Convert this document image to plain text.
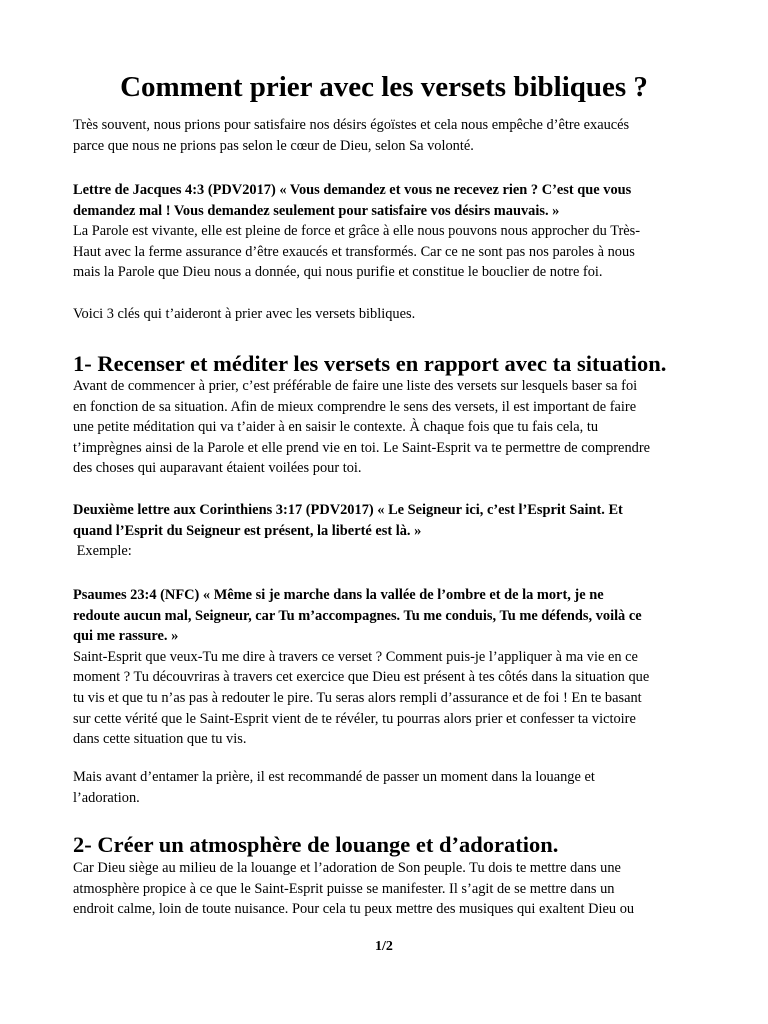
Comment prier avec les versets bibliques ?

Très souvent, nous prions pour satisfaire nos désirs égoïstes et cela nous empêche d’être exaucés
parce que nous ne prions pas selon le cœur de Dieu, selon Sa volonté.

Lettre de Jacques 4:3 (PDV2017) « Vous demandez et vous ne recevez rien ? C’est que vous
demandez mal ! Vous demandez seulement pour satisfaire vos désirs mauvais. »
La Parole est vivante, elle est pleine de force et grâce à elle nous pouvons nous approcher du Très-
Haut avec la ferme assurance d’être exaucés et transformés. Car ce ne sont pas nos paroles à nous
mais la Parole que Dieu nous a donnée, qui nous purifie et constitue le bouclier de notre foi.

Voici 3 clés qui t’aideront à prier avec les versets bibliques.

1- Recenser et méditer les versets en rapport avec ta situation.

Avant de commencer à prier, c’est préférable de faire une liste des versets sur lesquels baser sa foi
en fonction de sa situation. Afin de mieux comprendre le sens des versets, il est important de faire
une petite méditation qui va t’aider à en saisir le contexte. À chaque fois que tu fais cela, tu
t’imprègnes ainsi de la Parole et elle prend vie en toi. Le Saint-Esprit va te permettre de comprendre
des choses qui auparavant étaient voilées pour toi.

Deuxième lettre aux Corinthiens 3:17 (PDV2017) « Le Seigneur ici, c’est l’Esprit Saint. Et
quand l’Esprit du Seigneur est présent, la liberté est là. »
Exemple:

Psaumes 23:4 (NFC) « Même si je marche dans la vallée de l’ombre et de la mort, je ne
redoute aucun mal, Seigneur, car Tu m’accompagnes. Tu me conduis, Tu me défends, voilà ce
qui me rassure. »
Saint-Esprit que veux-Tu me dire à travers ce verset ? Comment puis-je l’appliquer à ma vie en ce
moment ? Tu découvriras à travers cet exercice que Dieu est présent à tes côtés dans la situation que
tu vis et que tu n’as pas à redouter le pire. Tu seras alors rempli d’assurance et de foi ! En te basant
sur cette vérité que le Saint-Esprit vient de te révéler, tu pourras alors prier et confesser ta victoire
dans cette situation que tu vis.

Mais avant d’entamer la prière, il est recommandé de passer un moment dans la louange et
l’adoration.

2- Créer un atmosphère de louange et d’adoration.

Car Dieu siège au milieu de la louange et l’adoration de Son peuple. Tu dois te mettre dans une
atmosphère propice à ce que le Saint-Esprit puisse se manifester. Il s’agit de se mettre dans un
endroit calme, loin de toute nuisance. Pour cela tu peux mettre des musiques qui exaltent Dieu ou

1/2
